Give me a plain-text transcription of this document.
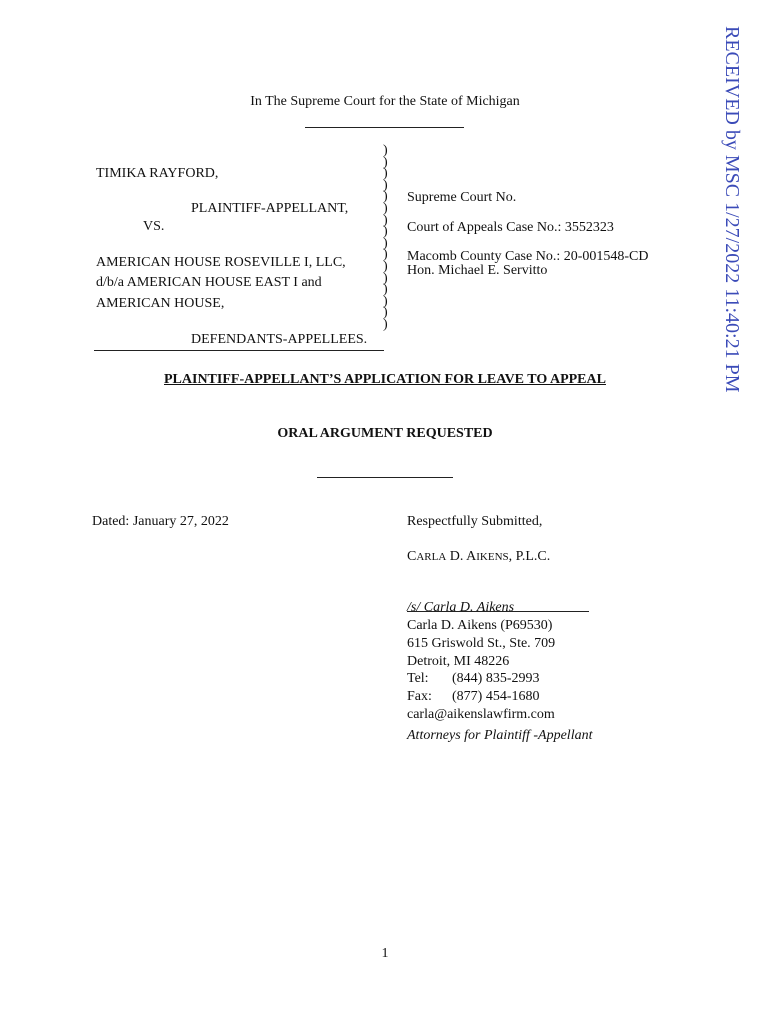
RECEIVED by MSC 1/27/2022 11:40:21 PM
In The Supreme Court for the State of Michigan
TIMIKA RAYFORD,
PLAINTIFF-APPELLANT,
VS.
AMERICAN HOUSE ROSEVILLE I, LLC,
d/b/a AMERICAN HOUSE EAST I and
AMERICAN HOUSE,
DEFENDANTS-APPELLEES.
)
)
)
)
)
)
)
)
)
)
)
)
)
)
)
)
Supreme Court No.
Court of Appeals Case No.: 3552323
Macomb County Case No.: 20-001548-CD
Hon. Michael E. Servitto
PLAINTIFF-APPELLANT’S APPLICATION FOR LEAVE TO APPEAL
ORAL ARGUMENT REQUESTED
Dated: January 27, 2022	Respectfully Submitted,
CARLA D. AIKENS, P.L.C.
/s/ Carla D. Aikens
Carla D. Aikens (P69530)
615 Griswold St., Ste. 709
Detroit, MI 48226
Tel: (844) 835-2993
Fax: (877) 454-1680
carla@aikenslawfirm.com
Attorneys for Plaintiff -Appellant
1
